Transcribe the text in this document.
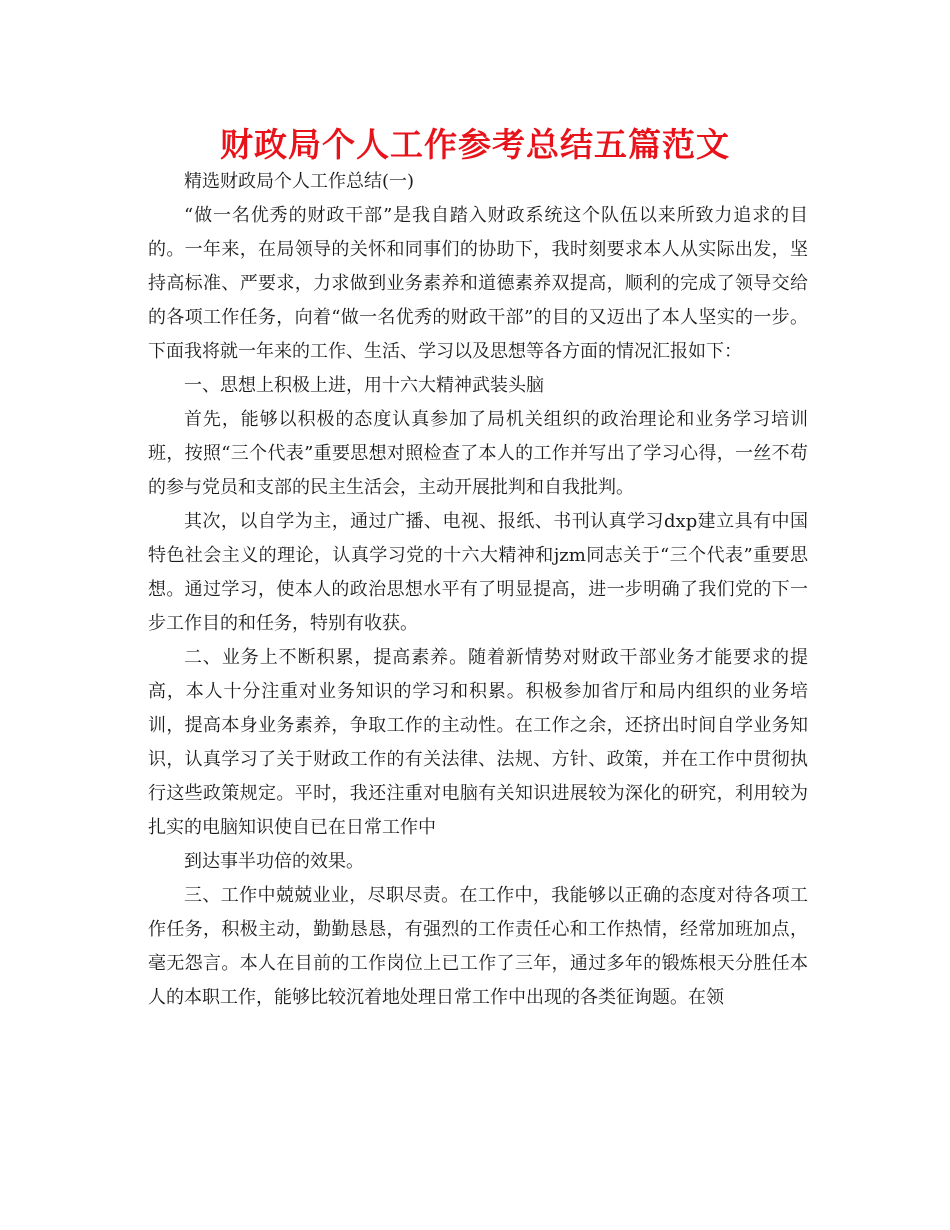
财政局个人工作参考总结五篇范文

精选财政局个人工作总结(一)

“做一名优秀的财政干部”是我自踏入财政系统这个队伍以来所致力追求的目的。一年来，在局领导的关怀和同事们的协助下，我时刻要求本人从实际出发，坚持高标准、严要求，力求做到业务素养和道德素养双提高，顺利的完成了领导交给的各项工作任务，向着“做一名优秀的财政干部”的目的又迈出了本人坚实的一步。下面我将就一年来的工作、生活、学习以及思想等各方面的情况汇报如下：

一、思想上积极上进，用十六大精神武装头脑

首先，能够以积极的态度认真参加了局机关组织的政治理论和业务学习培训班，按照“三个代表”重要思想对照检查了本人的工作并写出了学习心得，一丝不苟的参与党员和支部的民主生活会，主动开展批判和自我批判。

其次，以自学为主，通过广播、电视、报纸、书刊认真学习dxp建立具有中国特色社会主义的理论，认真学习党的十六大精神和jzm同志关于“三个代表”重要思想。通过学习，使本人的政治思想水平有了明显提高，进一步明确了我们党的下一步工作目的和任务，特别有收获。

二、业务上不断积累，提高素养。随着新情势对财政干部业务才能要求的提高，本人十分注重对业务知识的学习和积累。积极参加省厅和局内组织的业务培训，提高本身业务素养，争取工作的主动性。在工作之余，还挤出时间自学业务知识，认真学习了关于财政工作的有关法律、法规、方针、政策，并在工作中贯彻执行这些政策规定。平时，我还注重对电脑有关知识进展较为深化的研究，利用较为扎实的电脑知识使自已在日常工作中

到达事半功倍的效果。

三、工作中兢兢业业，尽职尽责。在工作中，我能够以正确的态度对待各项工作任务，积极主动，勤勤恳恳，有强烈的工作责任心和工作热情，经常加班加点，毫无怨言。本人在目前的工作岗位上已工作了三年，通过多年的锻炼根天分胜任本人的本职工作，能够比较沉着地处理日常工作中出现的各类征询题。在领
